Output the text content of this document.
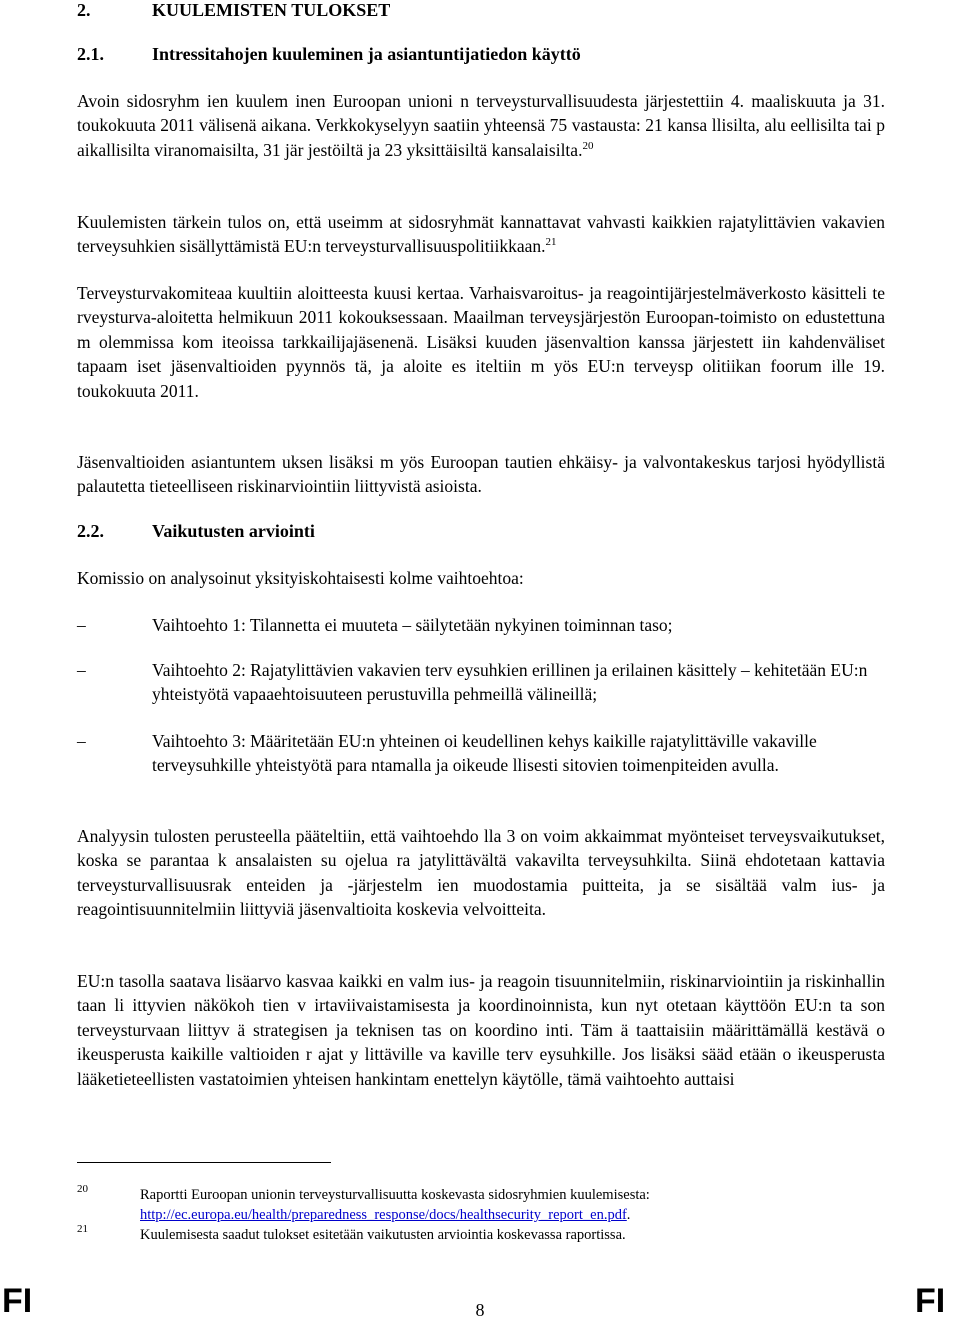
2.	KUULEMISTEN TULOKSET
2.1.	Intressitahojen kuuleminen ja asiantuntijatiedon käyttö

Avoin sidosryhm ien kuulem inen Euroopan unioni n terveysturvallisuudesta järjestettiin 4. maaliskuuta ja 31. toukokuuta 2011 välisenä aikana. Verkkokyselyyn saatiin yhteensä 75 vastausta: 21 kansa llisilta, alu eellisilta tai p aikallisilta viranomaisilta, 31 jär jestöiltä ja 23 yksittäisiltä kansalaisilta.$^{20}$

Kuulemisten tärkein tulos on, että useimm at sidosryhmät kannattavat vahvasti kaikkien rajatylittävien vakavien terveysuhkien sisällyttämistä EU:n terveysturvallisuuspolitiikkaan.$^{21}$

Terveysturvakomiteaa kuultiin aloitteesta kuusi kertaa. Varhaisvaroitus- ja reagointijärjestelmäverkosto käsitteli te rveysturva-aloitetta helmikuun 2011 kokouksessaan. Maailman terveysjärjestön Euroopan-toimisto on edustettuna m olemmissa kom iteoissa tarkkailijajäsenenä. Lisäksi kuuden jäsenvaltion kanssa järjestett iin kahdenväliset tapaam iset jäsenvaltioiden pyynnös tä, ja aloite es iteltiin m yös EU:n terveysp olitiikan foorum ille 19. toukokuuta 2011.

Jäsenvaltioiden asiantuntem uksen lisäksi m yös Euroopan tautien ehkäisy- ja valvontakeskus tarjosi hyödyllistä palautetta tieteelliseen riskinarviointiin liittyvistä asioista.

2.2.	Vaikutusten arviointi

Komissio on analysoinut yksityiskohtaisesti kolme vaihtoehtoa:

–	Vaihtoehto 1: Tilannetta ei muuteta – säilytetään nykyinen toiminnan taso;
–	Vaihtoehto 2: Rajatylittävien vakavien terv eysuhkien erillinen ja erilainen käsittely – kehitetään EU:n yhteistyötä vapaaehtoisuuteen perustuvilla pehmeillä välineillä;
–	Vaihtoehto 3: Määritetään EU:n yhteinen oi keudellinen kehys kaikille rajatylittäville vakaville terveysuhkille yhteistyötä para ntamalla ja oikeude llisesti sitovien toimenpiteiden avulla.

Analyysin tulosten perusteella pääteltiin, että vaihtoehdo lla 3 on voim akkaimmat myönteiset terveysvaikutukset, koska se parantaa k ansalaisten su ojelua ra jatylittävältä vakavilta terveysuhkilta. Siinä ehdotetaan kattavia terveysturvallisuusrak enteiden ja -järjestelm ien muodostamia puitteita, ja se sisältää valm ius- ja reagointisuunnitelmiin liittyviä jäsenvaltioita koskevia velvoitteita.

EU:n tasolla saatava lisäarvo kasvaa kaikki en valm ius- ja reagoin tisuunnitelmiin, riskinarviointiin ja riskinhallin taan li ittyvien näkökoh tien v irtaviivaistamisesta ja koordinoinnista, kun nyt otetaan käyttöön EU:n ta son terveysturvaan liittyv ä strategisen ja teknisen tas on koordino inti. Täm ä taattaisiin määrittämällä kestävä o ikeusperusta kaikille valtioiden r ajat y littäville va kaville terv eysuhkille. Jos lisäksi sääd etään o ikeusperusta lääketieteellisten vastatoimien yhteisen hankintam enettelyn käytölle, tämä vaihtoehto auttaisi

20	Raportti Euroopan unionin terveysturvallisuutta koskevasta sidosryhmien kuulemisesta:
http://ec.europa.eu/health/preparedness_response/docs/healthsecurity_report_en.pdf.
21	Kuulemisesta saadut tulokset esitetään vaikutusten arviointia koskevassa raportissa.
FI	8	FI
